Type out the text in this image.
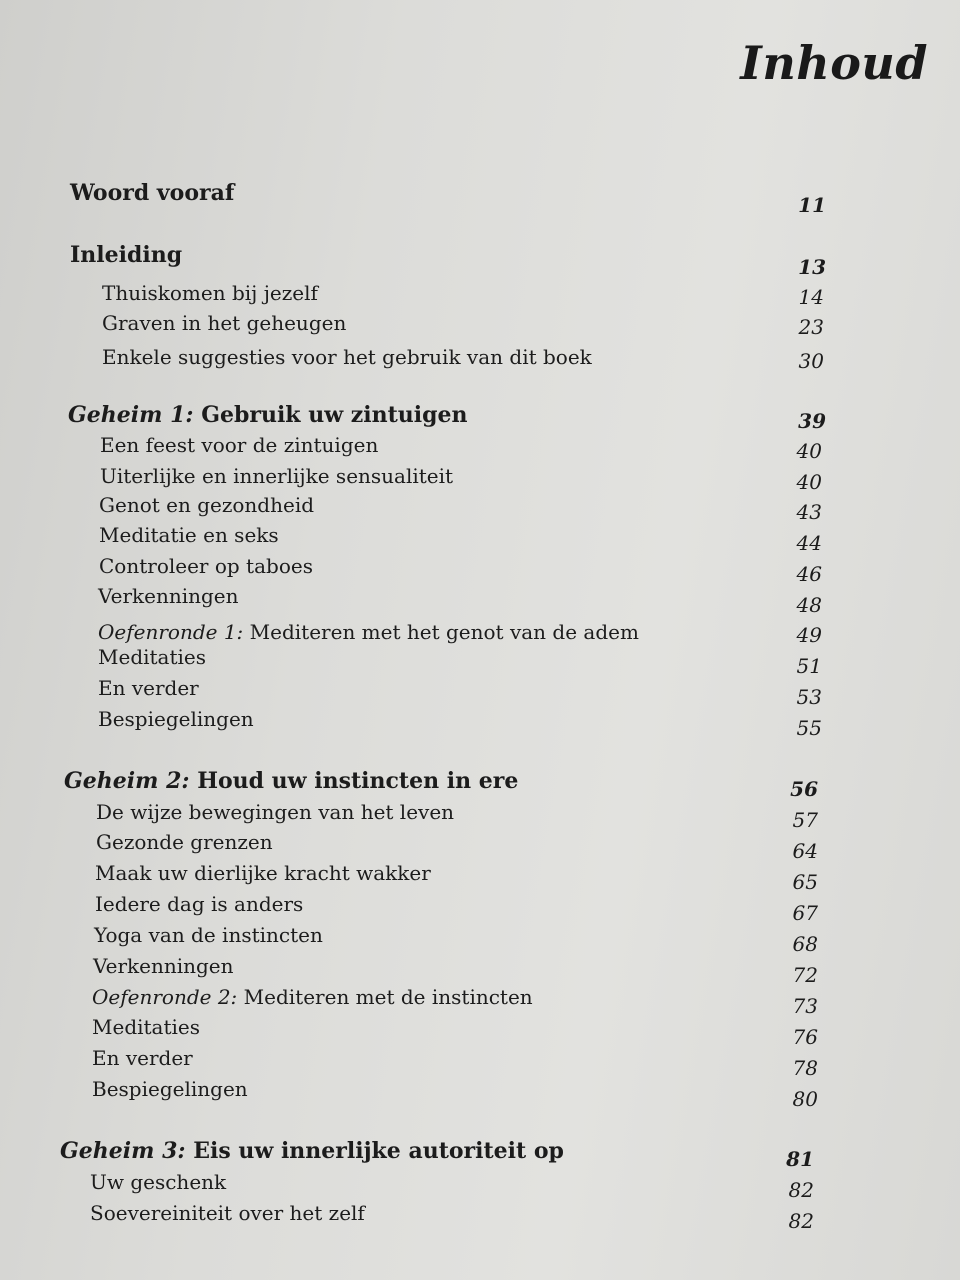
Inhoud
Woord vooraf	11
Inleiding	13
Thuiskomen bij jezelf	14
Graven in het geheugen	23
Enkele suggesties voor het gebruik van dit boek	30
Geheim 1: Gebruik uw zintuigen	39
Een feest voor de zintuigen	40
Uiterlijke en innerlijke sensualiteit	40
Genot en gezondheid	43
Meditatie en seks	44
Controleer op taboes	46
Verkenningen	48
Oefenronde 1: Mediteren met het genot van de adem	49
Meditaties	51
En verder	53
Bespiegelingen	55
Geheim 2: Houd uw instincten in ere	56
De wijze bewegingen van het leven	57
Gezonde grenzen	64
Maak uw dierlijke kracht wakker	65
Iedere dag is anders	67
Yoga van de instincten	68
Verkenningen	72
Oefenronde 2: Mediteren met de instincten	73
Meditaties	76
En verder	78
Bespiegelingen	80
Geheim 3: Eis uw innerlijke autoriteit op	81
Uw geschenk	82
Soevereiniteit over het zelf	82
